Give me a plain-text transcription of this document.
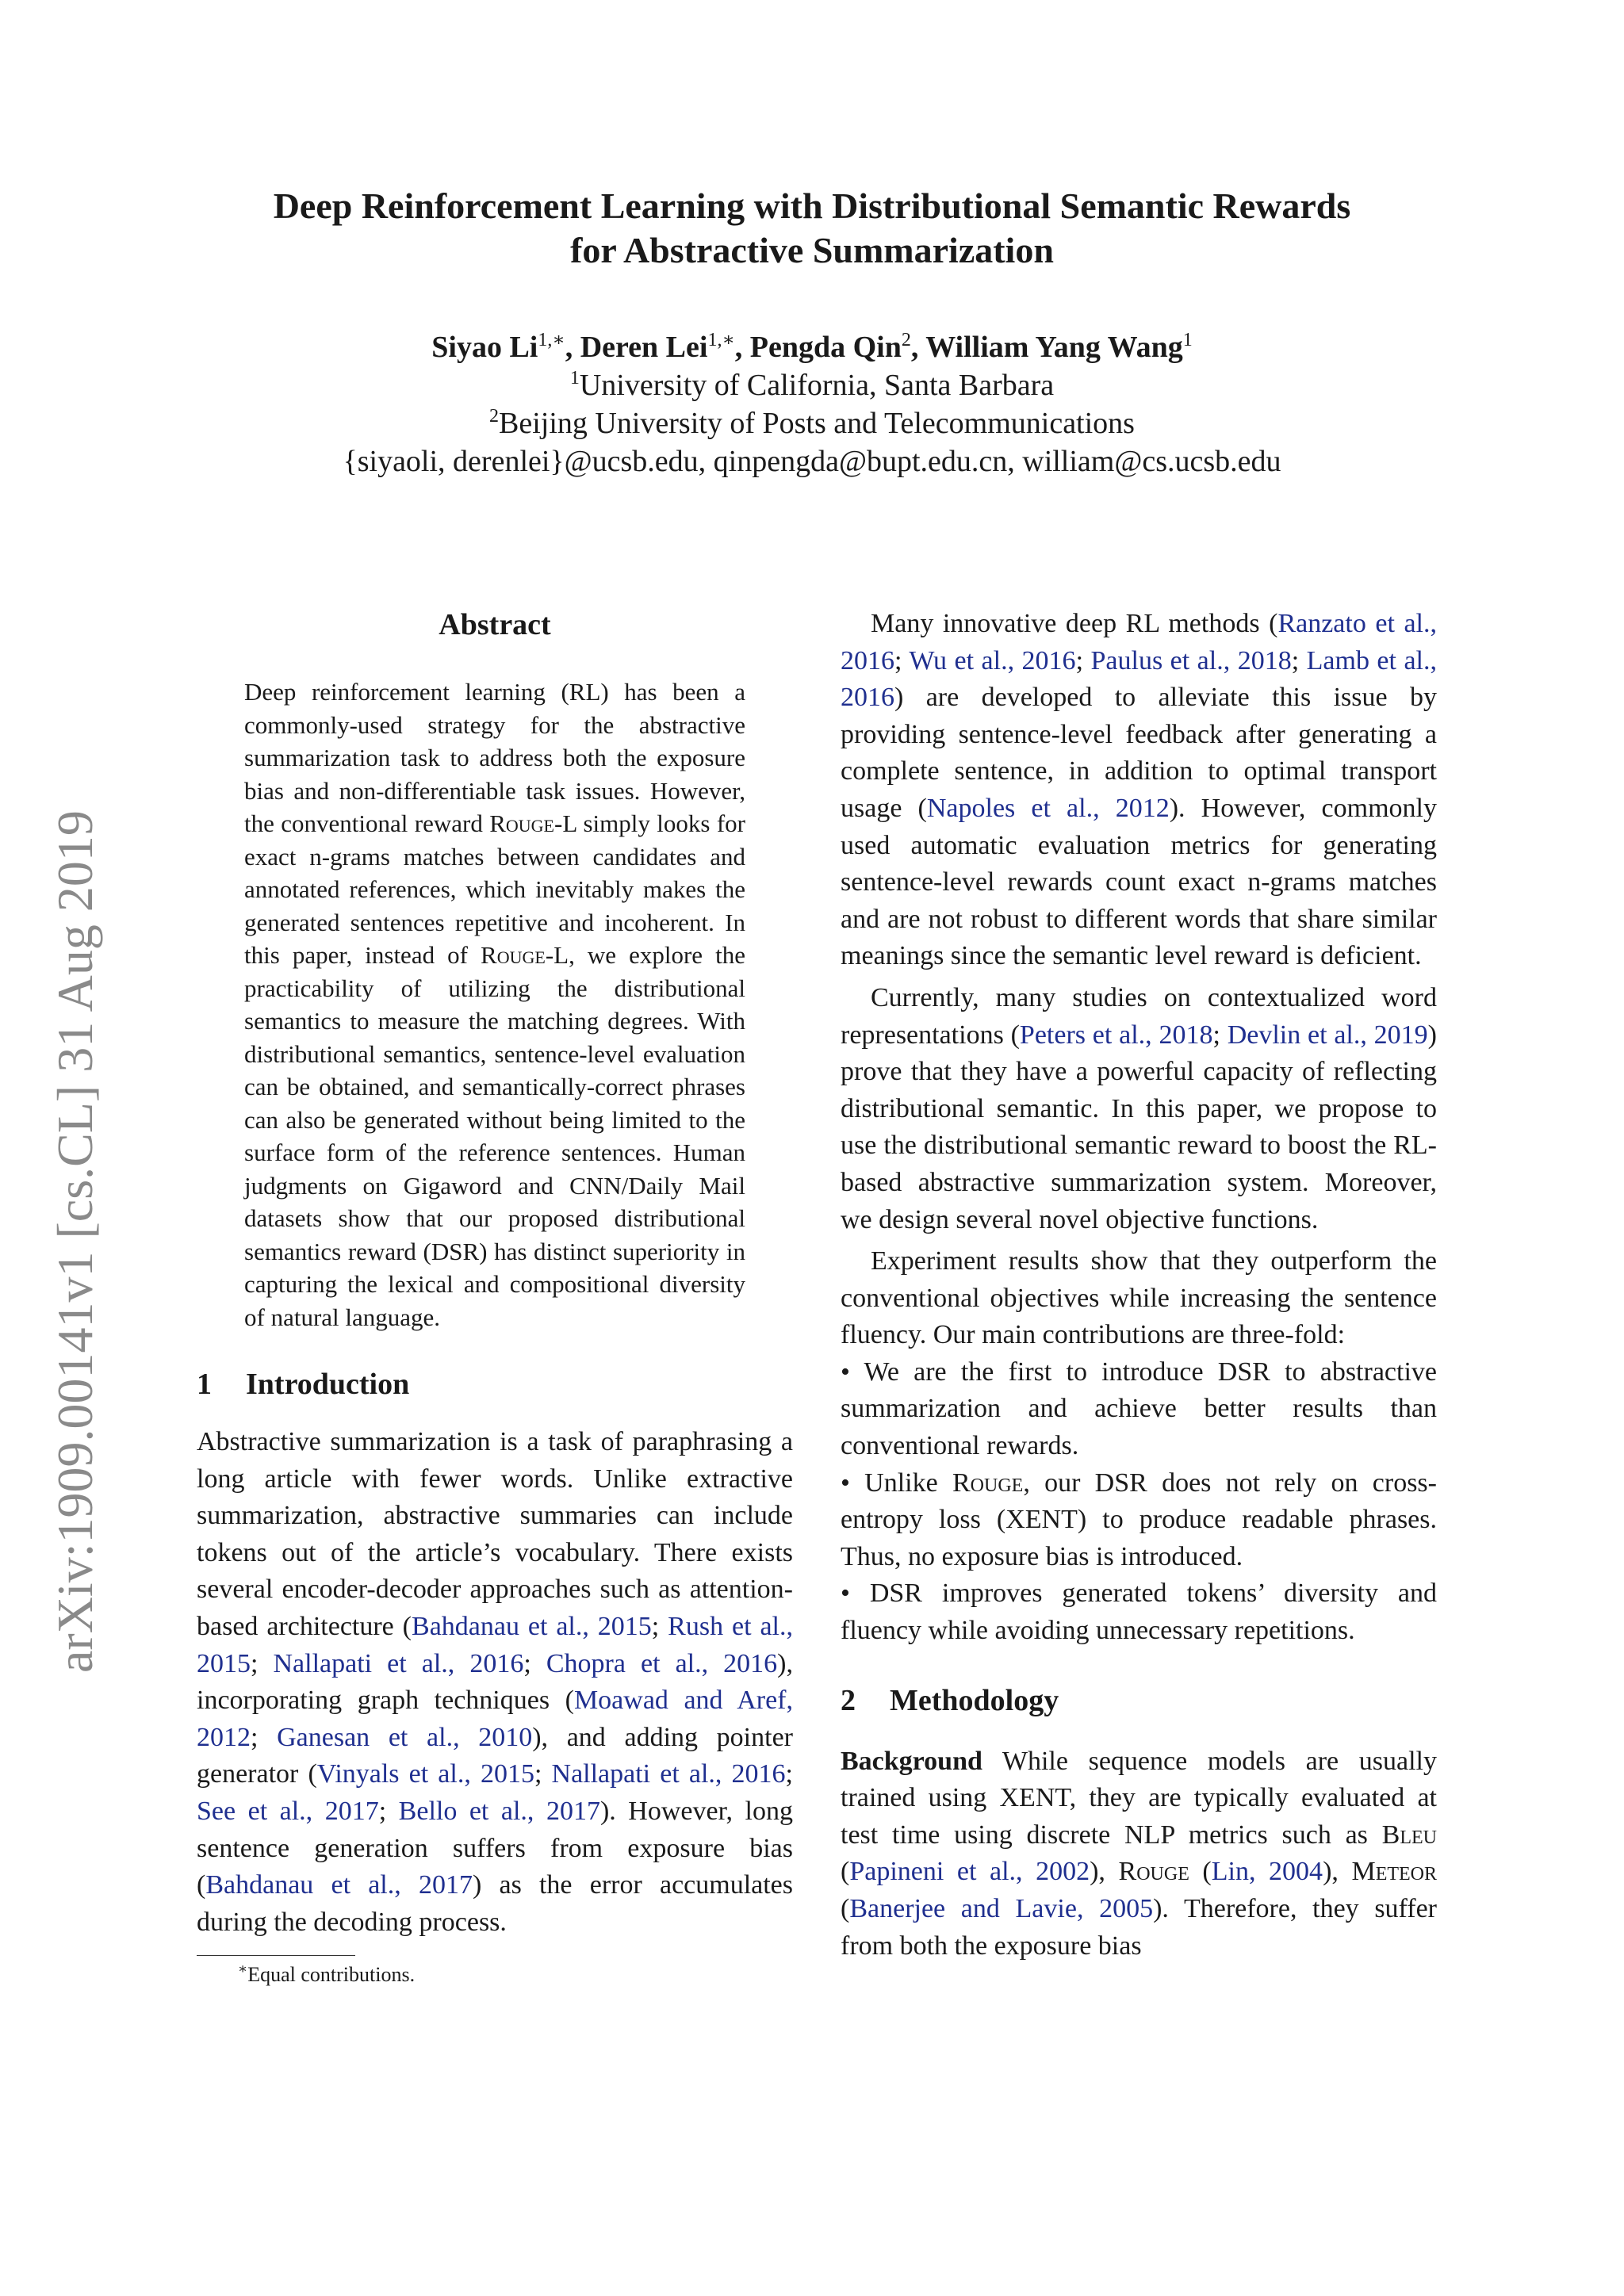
arXiv:1909.00141v1 [cs.CL] 31 Aug 2019
Deep Reinforcement Learning with Distributional Semantic Rewards
for Abstractive Summarization
Siyao $Li^{1,∗}$, Deren Lei$^{1,∗}$, Pengda Qin$^2$, William Yang Wang$^1$
$^1$University of California, Santa Barbara
$^2$Beijing University of Posts and Telecommunications
{siyaoli, derenlei}@ucsb.edu, qinpengda@bupt.edu.cn, william@cs.ucsb.edu
Abstract

Deep reinforcement learning (RL) has been a commonly-used strategy for the abstractive summarization task to address both the exposure bias and non-differentiable task issues. However, the conventional reward Rouge-L simply looks for exact n-grams matches between candidates and annotated references, which inevitably makes the generated sentences repetitive and incoherent. In this paper, instead of Rouge-L, we explore the practicability of utilizing the distributional semantics to measure the matching degrees. With distributional semantics, sentence-level evaluation can be obtained, and semantically-correct phrases can also be generated without being limited to the surface form of the reference sentences. Human judgments on Gigaword and CNN/Daily Mail datasets show that our proposed distributional semantics reward (DSR) has distinct superiority in capturing the lexical and compositional diversity of natural language.

1 Introduction

Abstractive summarization is a task of paraphrasing a long article with fewer words. Unlike extractive summarization, abstractive summaries can include tokens out of the article’s vocabulary. There exists several encoder-decoder approaches such as attention-based architecture (Bahdanau et al., 2015; Rush et al., 2015; Nallapati et al., 2016; Chopra et al., 2016), incorporating graph techniques (Moawad and Aref, 2012; Ganesan et al., 2010), and adding pointer generator (Vinyals et al., 2015; Nallapati et al., 2016; See et al., 2017; Bello et al., 2017). However, long sentence generation suffers from exposure bias (Bahdanau et al., 2017) as the error accumulates during the decoding process.

∗Equal contributions.

Many innovative deep RL methods (Ranzato et al., 2016; Wu et al., 2016; Paulus et al., 2018; Lamb et al., 2016) are developed to alleviate this issue by providing sentence-level feedback after generating a complete sentence, in addition to optimal transport usage (Napoles et al., 2012). However, commonly used automatic evaluation metrics for generating sentence-level rewards count exact n-grams matches and are not robust to different words that share similar meanings since the semantic level reward is deficient.

Currently, many studies on contextualized word representations (Peters et al., 2018; Devlin et al., 2019) prove that they have a powerful capacity of reflecting distributional semantic. In this paper, we propose to use the distributional semantic reward to boost the RL-based abstractive summarization system. Moreover, we design several novel objective functions.

Experiment results show that they outperform the conventional objectives while increasing the sentence fluency. Our main contributions are three-fold:

• We are the first to introduce DSR to abstractive summarization and achieve better results than conventional rewards.

• Unlike Rouge, our DSR does not rely on cross-entropy loss (XENT) to produce readable phrases. Thus, no exposure bias is introduced.

• DSR improves generated tokens’ diversity and fluency while avoiding unnecessary repetitions.

2 Methodology

Background While sequence models are usually trained using XENT, they are typically evaluated at test time using discrete NLP metrics such as Bleu (Papineni et al., 2002), Rouge (Lin, 2004), Meteor (Banerjee and Lavie, 2005). Therefore, they suffer from both the exposure bias
